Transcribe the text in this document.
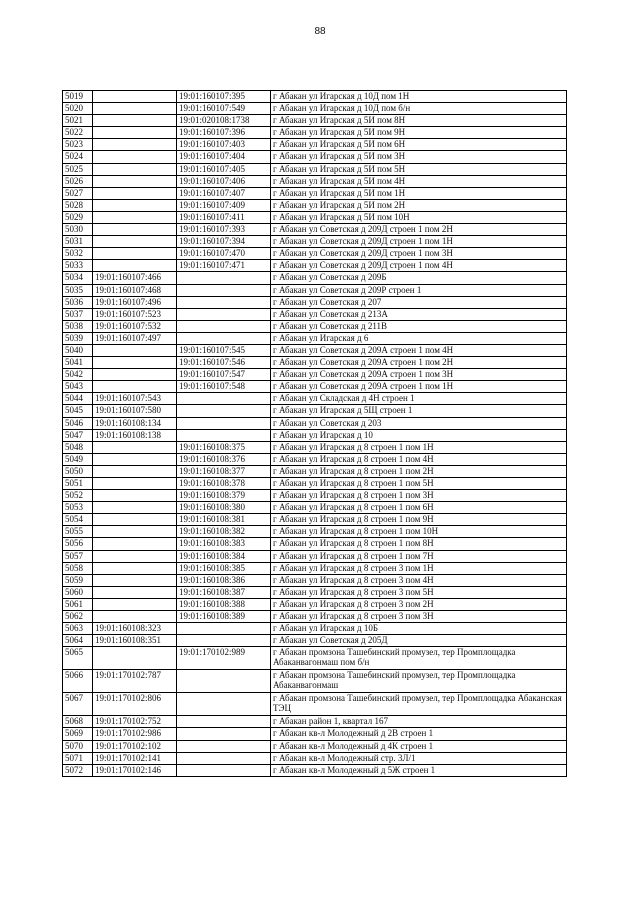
88
5019		19:01:160107:395	г Абакан ул Игарская д 10Д пом 1Н
5020		19:01:160107:549	г Абакан ул Игарская д 10Д пом б/н
5021		19:01:020108:1738	г Абакан ул Игарская д 5И пом 8Н
5022		19:01:160107:396	г Абакан ул Игарская д 5И пом 9Н
5023		19:01:160107:403	г Абакан ул Игарская д 5И пом 6Н
5024		19:01:160107:404	г Абакан ул Игарская д 5И пом 3Н
5025		19:01:160107:405	г Абакан ул Игарская д 5И пом 5Н
5026		19:01:160107:406	г Абакан ул Игарская д 5И пом 4Н
5027		19:01:160107:407	г Абакан ул Игарская д 5И пом 1Н
5028		19:01:160107:409	г Абакан ул Игарская д 5И пом 2Н
5029		19:01:160107:411	г Абакан ул Игарская д 5И пом 10Н
5030		19:01:160107:393	г Абакан ул Советская д 209Д строен 1 пом 2Н
5031		19:01:160107:394	г Абакан ул Советская д 209Д строен 1 пом 1Н
5032		19:01:160107:470	г Абакан ул Советская д 209Д строен 1 пом 3Н
5033		19:01:160107:471	г Абакан ул Советская д 209Д строен 1 пом 4Н
5034	19:01:160107:466		г Абакан ул Советская д 209Б
5035	19:01:160107:468		г Абакан ул Советская д 209Р строен 1
5036	19:01:160107:496		г Абакан ул Советская д 207
5037	19:01:160107:523		г Абакан ул Советская д 213А
5038	19:01:160107:532		г Абакан ул Советская д 211В
5039	19:01:160107:497		г Абакан ул Игарская д 6
5040		19:01:160107:545	г Абакан ул Советская д 209А строен 1 пом 4Н
5041		19:01:160107:546	г Абакан ул Советская д 209А строен 1 пом 2Н
5042		19:01:160107:547	г Абакан ул Советская д 209А строен 1 пом 3Н
5043		19:01:160107:548	г Абакан ул Советская д 209А строен 1 пом 1Н
5044	19:01:160107:543		г Абакан ул Складская д 4Н строен 1
5045	19:01:160107:580		г Абакан ул Игарская д 5Щ строен 1
5046	19:01:160108:134		г Абакан ул Советская д 203
5047	19:01:160108:138		г Абакан ул Игарская д 10
5048		19:01:160108:375	г Абакан ул Игарская д 8 строен 1 пом 1Н
5049		19:01:160108:376	г Абакан ул Игарская д 8 строен 1 пом 4Н
5050		19:01:160108:377	г Абакан ул Игарская д 8 строен 1 пом 2Н
5051		19:01:160108:378	г Абакан ул Игарская д 8 строен 1 пом 5Н
5052		19:01:160108:379	г Абакан ул Игарская д 8 строен 1 пом 3Н
5053		19:01:160108:380	г Абакан ул Игарская д 8 строен 1 пом 6Н
5054		19:01:160108:381	г Абакан ул Игарская д 8 строен 1 пом 9Н
5055		19:01:160108:382	г Абакан ул Игарская д 8 строен 1 пом 10Н
5056		19:01:160108:383	г Абакан ул Игарская д 8 строен 1 пом 8Н
5057		19:01:160108:384	г Абакан ул Игарская д 8 строен 1 пом 7Н
5058		19:01:160108:385	г Абакан ул Игарская д 8 строен 3 пом 1Н
5059		19:01:160108:386	г Абакан ул Игарская д 8 строен 3 пом 4Н
5060		19:01:160108:387	г Абакан ул Игарская д 8 строен 3 пом 5Н
5061		19:01:160108:388	г Абакан ул Игарская д 8 строен 3 пом 2Н
5062		19:01:160108:389	г Абакан ул Игарская д 8 строен 3 пом 3Н
5063	19:01:160108:323		г Абакан ул Игарская д 10Б
5064	19:01:160108:351		г Абакан ул Советская д 205Д
5065		19:01:170102:989	г Абакан промзона Ташебинский промузел, тер Промплощадка Абаканвагонмаш пом б/н
5066	19:01:170102:787		г Абакан промзона Ташебинский промузел, тер Промплощадка Абаканвагонмаш
5067	19:01:170102:806		г Абакан промзона Ташебинский промузел, тер Промплощадка Абаканская ТЭЦ
5068	19:01:170102:752		г Абакан район 1, квартал 167
5069	19:01:170102:986		г Абакан кв-л Молодежный д 2В строен 1
5070	19:01:170102:102		г Абакан кв-л Молодежный д 4К строен 1
5071	19:01:170102:141		г Абакан кв-л Молодежный стр. 3Л/1
5072	19:01:170102:146		г Абакан кв-л Молодежный д 5Ж строен 1
